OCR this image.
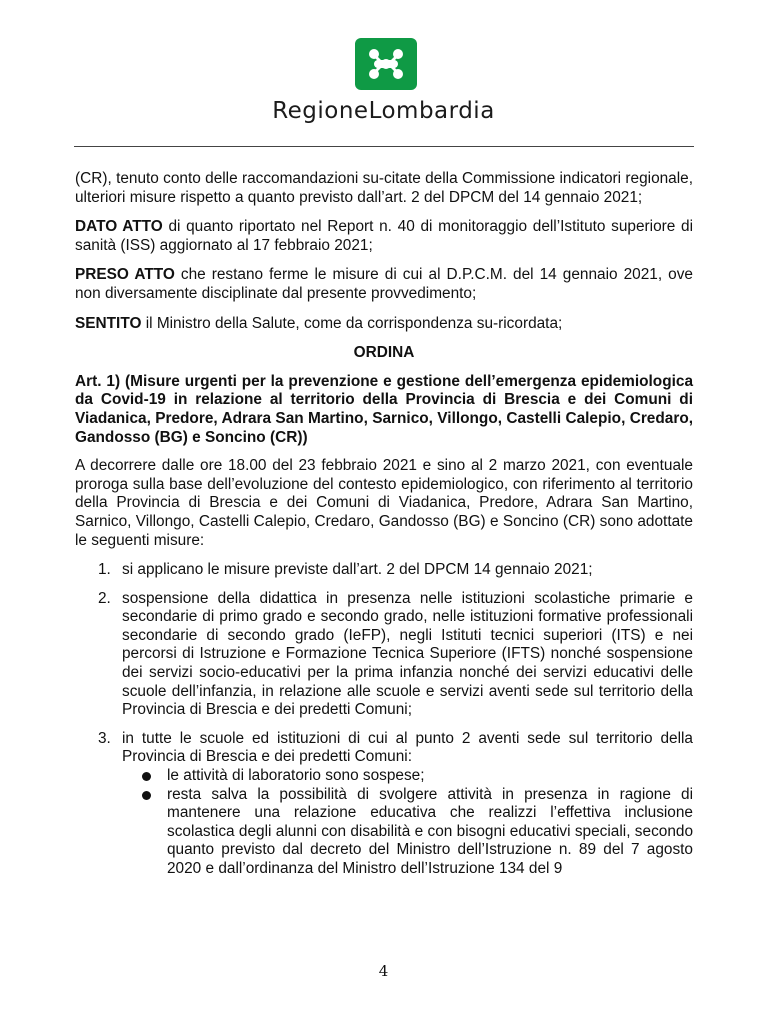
RegioneLombardia

(CR), tenuto conto delle raccomandazioni su-citate della Commissione indicatori regionale, ulteriori misure rispetto a quanto previsto dall’art. 2 del DPCM del 14 gennaio 2021;

DATO ATTO di quanto riportato nel Report n. 40 di monitoraggio dell’Istituto superiore di sanità (ISS) aggiornato al 17 febbraio 2021;

PRESO ATTO che restano ferme le misure di cui al D.P.C.M. del 14 gennaio 2021, ove non diversamente disciplinate dal presente provvedimento;

SENTITO il Ministro della Salute, come da corrispondenza su-ricordata;

ORDINA

Art. 1) (Misure urgenti per la prevenzione e gestione dell’emergenza epidemiologica da Covid-19 in relazione al territorio della Provincia di Brescia e dei Comuni di Viadanica, Predore, Adrara San Martino, Sarnico, Villongo, Castelli Calepio, Credaro, Gandosso (BG) e Soncino (CR))

A decorrere dalle ore 18.00 del 23 febbraio 2021 e sino al 2 marzo 2021, con eventuale proroga sulla base dell’evoluzione del contesto epidemiologico, con riferimento al territorio della Provincia di Brescia e dei Comuni di Viadanica, Predore, Adrara San Martino, Sarnico, Villongo, Castelli Calepio, Credaro, Gandosso (BG) e Soncino (CR) sono adottate le seguenti misure:

1. si applicano le misure previste dall’art. 2 del DPCM 14 gennaio 2021;
2. sospensione della didattica in presenza nelle istituzioni scolastiche primarie e secondarie di primo grado e secondo grado, nelle istituzioni formative professionali secondarie di secondo grado (IeFP), negli Istituti tecnici superiori (ITS) e nei percorsi di Istruzione e Formazione Tecnica Superiore (IFTS) nonché sospensione dei servizi socio-educativi per la prima infanzia nonché dei servizi educativi delle scuole dell’infanzia, in relazione alle scuole e servizi aventi sede sul territorio della Provincia di Brescia e dei predetti Comuni;
3. in tutte le scuole ed istituzioni di cui al punto 2 aventi sede sul territorio della Provincia di Brescia e dei predetti Comuni:
le attività di laboratorio sono sospese;
resta salva la possibilità di svolgere attività in presenza in ragione di mantenere una relazione educativa che realizzi l’effettiva inclusione scolastica degli alunni con disabilità e con bisogni educativi speciali, secondo quanto previsto dal decreto del Ministro dell’Istruzione n. 89 del 7 agosto 2020 e dall’ordinanza del Ministro dell’Istruzione 134 del 9
4
